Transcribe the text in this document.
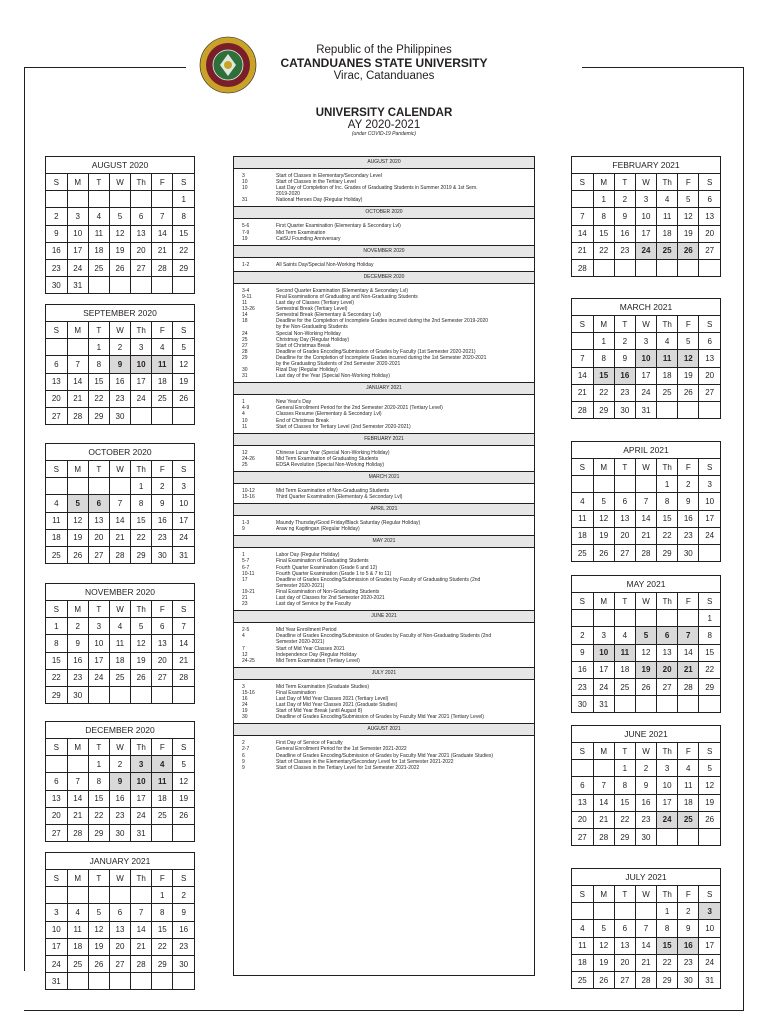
Republic of the Philippines
CATANDUANES STATE UNIVERSITY
Virac, Catanduanes
UNIVERSITY CALENDAR
AY 2020-2021
(under COVID-19 Pandemic)
AUGUST 2020
3	Start of Classes in Elementary/Secondary Level
10	Start of Classes in the Tertiary Level
10	Last Day of Completion of Inc. Grades of Graduating Students in Summer 2019 & 1st Sem.
2019-2020
31	National Heroes Day (Regular Holiday)
OCTOBER 2020
5-6	First Quarter Examination (Elementary & Secondary Lvl)
7-9	Mid Term Examination
19	CatSU Founding Anniversary
NOVEMBER 2020
1-2	All Saints Day/Special Non-Working Holiday
DECEMBER 2020
3-4	Second Quarter Examination (Elementary & Secondary Lvl)
9-11	Final Examinations of Graduating and Non-Graduating Students
11	Last day of Classes (Tertiary Level)
13-26	Semestral Break (Tertiary Level)
14	Semestral Break (Elementary & Secondary Lvl)
18	Deadline for the Completion of Incomplete Grades incurred during the 2nd Semester 2019-2020
by the Non-Graduating Students
24	Special Non-Working Holiday
25	Christmay Day (Regular Holiday)
27	Start of Christmas Break
28	Deadline of Grades Encoding/Submission of Grades by Faculty (1st Semester 2020-2021)
29	Deadline for the Completion of Incomplete Grades incurred during the 1st Semester 2020-2021
by the Graduating Students of 2nd Semester 2020-2021
30	Rizal Day (Regular Holiday)
31	Last day of the Year (Special Non-Working Holiday)
JANUARY 2021
1	New Year's Day
4-9	General Enrollment Period for the 2nd Semester 2020-2021 (Tertiary Level)
4	Classes Resume (Elementary & Secondary Lvl)
10	End of Christmas Break
11	Start of Classes for Tertiary Level (2nd Semester 2020-2021)
FEBRUARY 2021
12	Chinese Lunar Year (Special Non-Working Holiday)
24-26	Mid Term Examination of Graduating Students
25	EDSA Revolution (Special Non-Working Holiday)
MARCH 2021
10-12	Mid Term Examination of Non-Graduating Students
15-16	Third Quarter Examination (Elementary & Secondary Lvl)
APRIL 2021
1-3	Maundy Thursday/Good Friday/Black Saturday (Regular Holiday)
9	Araw ng Kagitingan (Regular Holiday)
MAY 2021
1	Labor Day (Regular Holiday)
5-7	Final Examination of Graduating Students
6-7	Fourth Quarter Examination (Grade 6 and 12)
10-11	Fourth Quarter Examination (Grade 1 to 5 & 7 to 11)
17	Deadline of Grades Encoding/Submission of Grades by Faculty of Graduating Students (2nd
Semester 2020-2021)
19-21	Final Examination of Non-Graduating Students
21	Last day of Classes for 2nd Semester 2020-2021
23	Last day of Service by the Faculty
JUNE 2021
2-5	Mid Year Enrollment Period
4	Deadline of Grades Encoding/Submission of Grades by Faculty of Non-Graduating Students (2nd
Semester 2020-2021)
7	Start of Mid Year Classes 2021
12	Independence Day (Regular Holiday
24-25	Mid Term Examination (Tertiary Level)
JULY 2021
3	Mid Term Examination (Graduate Studies)
15-16	Final Examination
16	Last Day of Mid Year Classes 2021 (Tertiary Level)
24	Last Day of Mid Year Classes 2021 (Graduate Studies)
19	Start of Mid Year Break (until August 8)
30	Deadline of Grades Encoding/Submission of Grades by Faculty Mid Year 2021 (Tertiary Level)
AUGUST 2021
2	First Day of Service of Faculty
2-7	General Enrollment Period for the 1st Semester 2021-2022
6	Deadline of Grades Encoding/Submission of Grades by Faculty Mid Year 2021 (Graduate Studies)
9	Start of Classes in the Elementary/Secondary Level for 1st Semester 2021-2022
9	Start of Classes in the Tertiary Level for 1st Semester 2021-2022
AUGUST 2020
S	M	T	W	Th	F	S
						1
2	3	4	5	6	7	8
9	10	11	12	13	14	15
16	17	18	19	20	21	22
23	24	25	26	27	28	29
30	31					
SEPTEMBER 2020
S	M	T	W	Th	F	S
		1	2	3	4	5
6	7	8	9	10	11	12
13	14	15	16	17	18	19
20	21	22	23	24	25	26
27	28	29	30			
OCTOBER 2020
S	M	T	W	Th	F	S
				1	2	3
4	5	6	7	8	9	10
11	12	13	14	15	16	17
18	19	20	21	22	23	24
25	26	27	28	29	30	31
NOVEMBER 2020
S	M	T	W	Th	F	S
1	2	3	4	5	6	7
8	9	10	11	12	13	14
15	16	17	18	19	20	21
22	23	24	25	26	27	28
29	30					
DECEMBER 2020
S	M	T	W	Th	F	S
		1	2	3	4	5
6	7	8	9	10	11	12
13	14	15	16	17	18	19
20	21	22	23	24	25	26
27	28	29	30	31		
JANUARY 2021
S	M	T	W	Th	F	S
					1	2
3	4	5	6	7	8	9
10	11	12	13	14	15	16
17	18	19	20	21	22	23
24	25	26	27	28	29	30
31						
FEBRUARY 2021
S	M	T	W	Th	F	S
	1	2	3	4	5	6
7	8	9	10	11	12	13
14	15	16	17	18	19	20
21	22	23	24	25	26	27
28						
MARCH 2021
S	M	T	W	Th	F	S
	1	2	3	4	5	6
7	8	9	10	11	12	13
14	15	16	17	18	19	20
21	22	23	24	25	26	27
28	29	30	31			
APRIL 2021
S	M	T	W	Th	F	S
				1	2	3
4	5	6	7	8	9	10
11	12	13	14	15	16	17
18	19	20	21	22	23	24
25	26	27	28	29	30	
MAY 2021
S	M	T	W	Th	F	S
						1
2	3	4	5	6	7	8
9	10	11	12	13	14	15
16	17	18	19	20	21	22
23	24	25	26	27	28	29
30	31					
JUNE 2021
S	M	T	W	Th	F	S
		1	2	3	4	5
6	7	8	9	10	11	12
13	14	15	16	17	18	19
20	21	22	23	24	25	26
27	28	29	30			
JULY 2021
S	M	T	W	Th	F	S
				1	2	3
4	5	6	7	8	9	10
11	12	13	14	15	16	17
18	19	20	21	22	23	24
25	26	27	28	29	30	31
